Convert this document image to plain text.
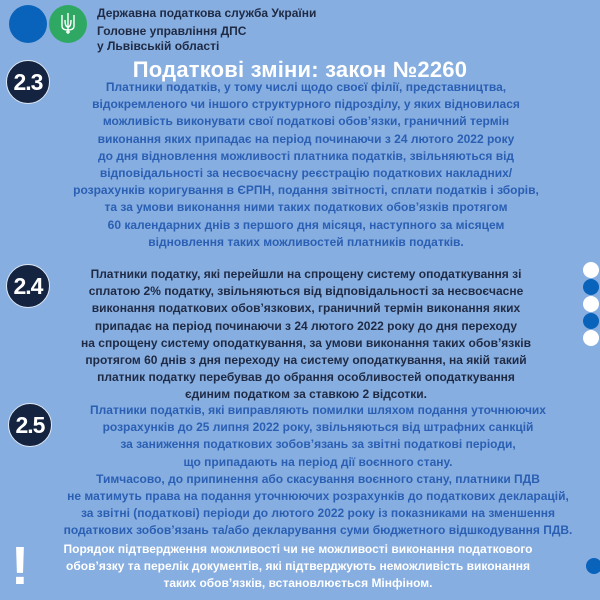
Державна податкова служба України
Головне управління ДПС
у Львівській області
Податкові зміни: закон №2260
2.3	Платники податків, у тому числі щодо своєї філії, представництва,
відокремленого чи іншого структурного підрозділу, у яких відновилася
можливість виконувати свої податкові обов’язки, граничний термін
виконання яких припадає на період починаючи з 24 лютого 2022 року
до дня відновлення можливості платника податків, звільняються від
відповідальності за несвоєчасну реєстрацію податкових накладних/
розрахунків коригування в ЄРПН, подання звітності, сплати податків і зборів,
та за умови виконання ними таких податкових обов’язків протягом
60 календарних днів з першого дня місяця, наступного за місяцем
відновлення таких можливостей платників податків.
2.4	Платники податку, які перейшли на спрощену систему оподаткування зі
сплатою 2% податку, звільняються від відповідальності за несвоєчасне
виконання податкових обов’язкових, граничний термін виконання яких
припадає на період починаючи з 24 лютого 2022 року до дня переходу
на спрощену систему оподаткування, за умови виконання таких обов’язків
протягом 60 днів з дня переходу на систему оподаткування, на якій такий
платник податку перебував до обрання особливостей оподаткування
єдиним податком за ставкою 2 відсотки.
2.5
Платники податків, які виправляють помилки шляхом подання уточнюючих
розрахунків до 25 липня 2022 року, звільняються від штрафних санкцій
за заниження податкових зобов’язань за звітні податкові періоди,
що припадають на період дії воєнного стану.
Тимчасово, до припинення або скасування воєнного стану, платники ПДВ
не матимуть права на подання уточнюючих розрахунків до податкових декларацій,
за звітні (податкові) періоди до лютого 2022 року із показниками на зменшення
податкових зобов’язань та/або декларування суми бюджетного відшкодування ПДВ.
!	Порядок підтвердження можливості чи не можливості виконання податкового
обов’язку та перелік документів, які підтверджують неможливість виконання
таких обов’язків, встановлюється Мінфіном.
